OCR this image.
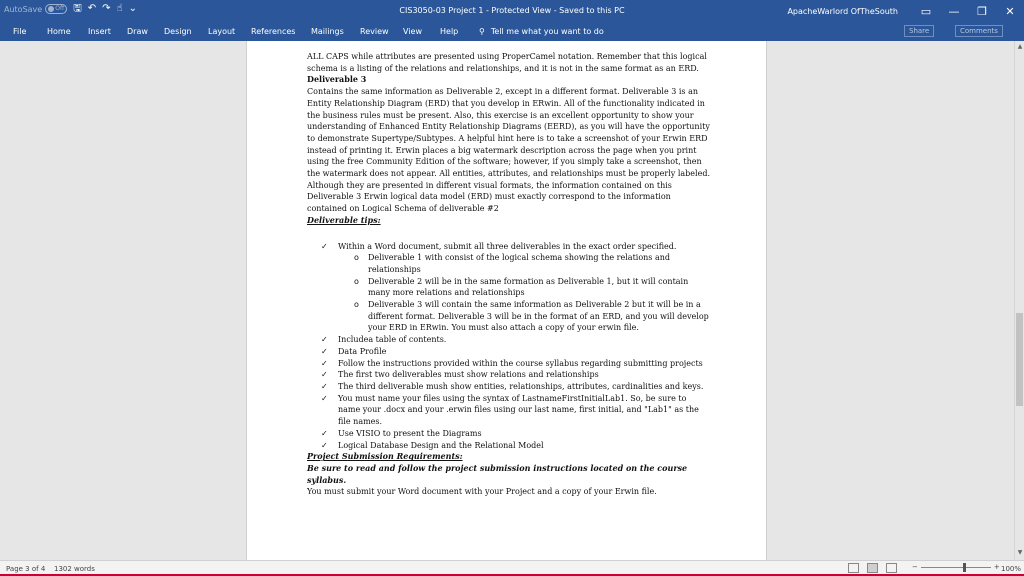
AutoSave	Off 🖫 ↶ ↷ ☝ ⌄	CIS3050-03 Project 1 - Protected View - Saved to this PC	ApacheWarlord OfTheSouth	▭	—	❐	✕
File	Home Insert Draw Design Layout References Mailings Review View Help	⚲ Tell me what you want to do	Share	Comments

ALL CAPS while attributes are presented using ProperCamel notation. Remember that this logical schema is a listing of the relations and relationships, and it is not in the same format as an ERD.

Deliverable 3

Contains the same information as Deliverable 2, except in a different format. Deliverable 3 is an Entity Relationship Diagram (ERD) that you develop in ERwin. All of the functionality indicated in the business rules must be present. Also, this exercise is an excellent opportunity to show your understanding of Enhanced Entity Relationship Diagrams (EERD), as you will have the opportunity to demonstrate Supertype/Subtypes. A helpful hint here is to take a screenshot of your Erwin ERD instead of printing it. Erwin places a big watermark description across the page when you print using the free Community Edition of the software; however, if you simply take a screenshot, then the watermark does not appear. All entities, attributes, and relationships must be properly labeled. Although they are presented in different visual formats, the information contained on this Deliverable 3 Erwin logical data model (ERD) must exactly correspond to the information contained on Logical Schema of deliverable #2

Deliverable tips:

✓ Within a Word document, submit all three deliverables in the exact order specified.
o Deliverable 1 with consist of the logical schema showing the relations and relationships
o Deliverable 2 will be in the same formation as Deliverable 1, but it will contain many more relations and relationships
o Deliverable 3 will contain the same information as Deliverable 2 but it will be in a different format. Deliverable 3 will be in the format of an ERD, and you will develop your ERD in ERwin. You must also attach a copy of your erwin file.
✓ Includea table of contents.
✓ Data Profile
✓ Follow the instructions provided within the course syllabus regarding submitting projects
✓ The first two deliverables must show relations and relationships
✓ The third deliverable mush show entities, relationships, attributes, cardinalities and keys.
✓ You must name your files using the syntax of LastnameFirstInitialLab1. So, be sure to name your .docx and your .erwin files using our last name, first initial, and "Lab1" as the file names.
✓ Use VISIO to present the Diagrams
✓ Logical Database Design and the Relational Model

Project Submission Requirements:

Be sure to read and follow the project submission instructions located on the course syllabus.

You must submit your Word document with your Project and a copy of your Erwin file.

▲
▼
Page 3 of 4 1302 words	−	+ 100%
